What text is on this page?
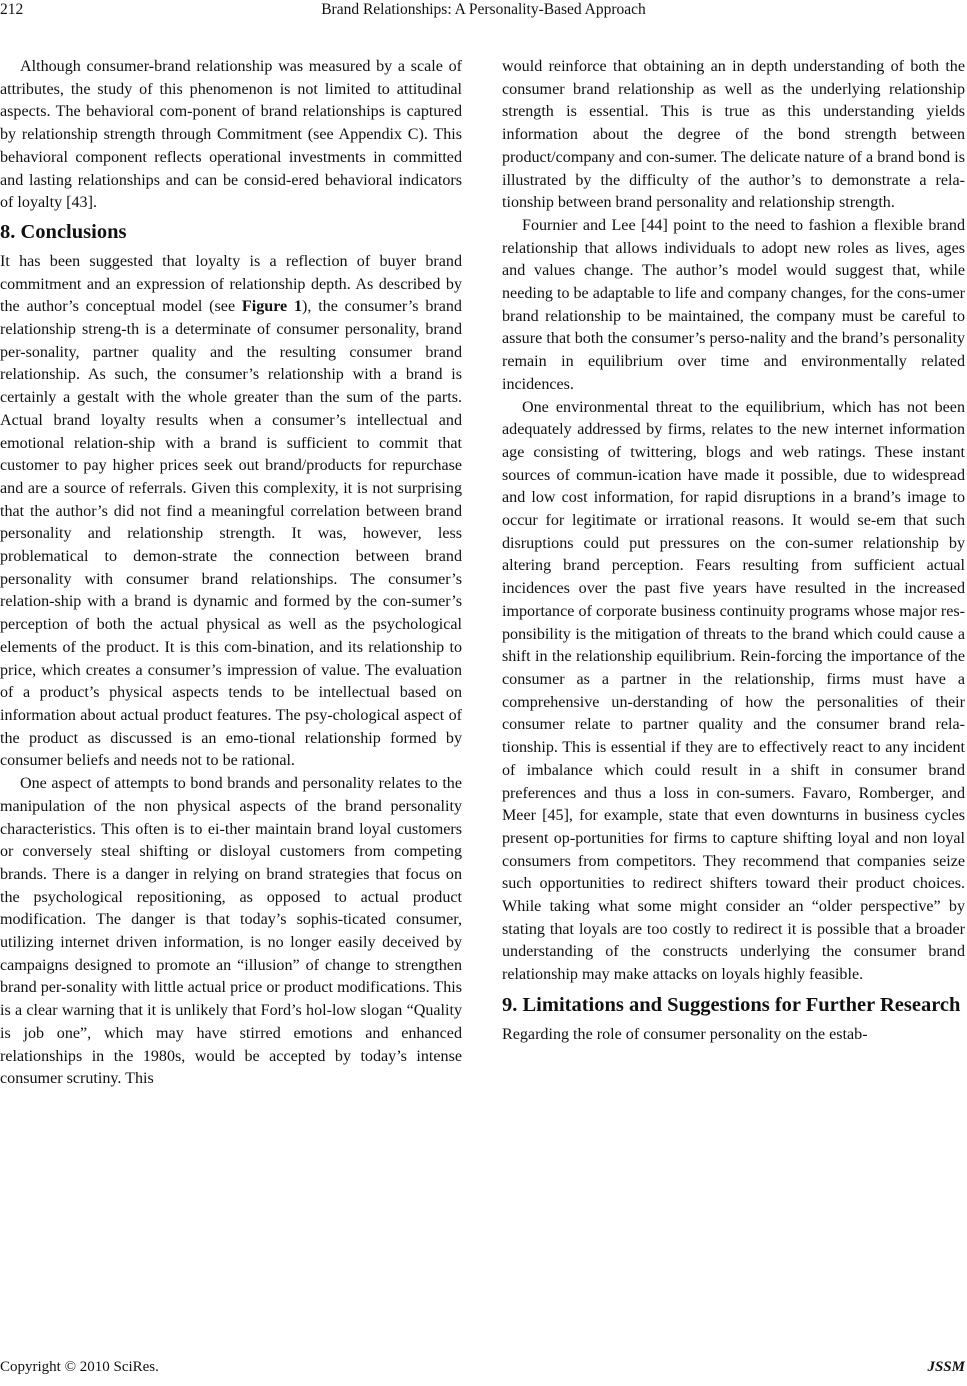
212	Brand Relationships: A Personality-Based Approach

Although consumer-brand relationship was measured by a scale of attributes, the study of this phenomenon is not limited to attitudinal aspects. The behavioral com-ponent of brand relationships is captured by relationship strength through Commitment (see Appendix C). This behavioral component reflects operational investments in committed and lasting relationships and can be consid-ered behavioral indicators of loyalty [43].

8. Conclusions

It has been suggested that loyalty is a reflection of buyer brand commitment and an expression of relationship depth. As described by the author’s conceptual model (see Figure 1), the consumer’s brand relationship streng-th is a determinate of consumer personality, brand per-sonality, partner quality and the resulting consumer brand relationship. As such, the consumer’s relationship with a brand is certainly a gestalt with the whole greater than the sum of the parts. Actual brand loyalty results when a consumer’s intellectual and emotional relation-ship with a brand is sufficient to commit that customer to pay higher prices seek out brand/products for repurchase and are a source of referrals. Given this complexity, it is not surprising that the author’s did not find a meaningful correlation between brand personality and relationship strength. It was, however, less problematical to demon-strate the connection between brand personality with consumer brand relationships. The consumer’s relation-ship with a brand is dynamic and formed by the con-sumer’s perception of both the actual physical as well as the psychological elements of the product. It is this com-bination, and its relationship to price, which creates a consumer’s impression of value. The evaluation of a product’s physical aspects tends to be intellectual based on information about actual product features. The psy-chological aspect of the product as discussed is an emo-tional relationship formed by consumer beliefs and needs not to be rational.

One aspect of attempts to bond brands and personality relates to the manipulation of the non physical aspects of the brand personality characteristics. This often is to ei-ther maintain brand loyal customers or conversely steal shifting or disloyal customers from competing brands. There is a danger in relying on brand strategies that focus on the psychological repositioning, as opposed to actual product modification. The danger is that today’s sophis-ticated consumer, utilizing internet driven information, is no longer easily deceived by campaigns designed to promote an “illusion” of change to strengthen brand per-sonality with little actual price or product modifications. This is a clear warning that it is unlikely that Ford’s hol-low slogan “Quality is job one”, which may have stirred emotions and enhanced relationships in the 1980s, would be accepted by today’s intense consumer scrutiny. This

would reinforce that obtaining an in depth understanding of both the consumer brand relationship as well as the underlying relationship strength is essential. This is true as this understanding yields information about the degree of the bond strength between product/company and con-sumer. The delicate nature of a brand bond is illustrated by the difficulty of the author’s to demonstrate a rela-tionship between brand personality and relationship strength.

Fournier and Lee [44] point to the need to fashion a flexible brand relationship that allows individuals to adopt new roles as lives, ages and values change. The author’s model would suggest that, while needing to be adaptable to life and company changes, for the cons-umer brand relationship to be maintained, the company must be careful to assure that both the consumer’s perso-nality and the brand’s personality remain in equilibrium over time and environmentally related incidences.

One environmental threat to the equilibrium, which has not been adequately addressed by firms, relates to the new internet information age consisting of twittering, blogs and web ratings. These instant sources of commun-ication have made it possible, due to widespread and low cost information, for rapid disruptions in a brand’s image to occur for legitimate or irrational reasons. It would se-em that such disruptions could put pressures on the con-sumer relationship by altering brand perception. Fears resulting from sufficient actual incidences over the past five years have resulted in the increased importance of corporate business continuity programs whose major res-ponsibility is the mitigation of threats to the brand which could cause a shift in the relationship equilibrium. Rein-forcing the importance of the consumer as a partner in the relationship, firms must have a comprehensive un-derstanding of how the personalities of their consumer relate to partner quality and the consumer brand rela-tionship. This is essential if they are to effectively react to any incident of imbalance which could result in a shift in consumer brand preferences and thus a loss in con-sumers. Favaro, Romberger, and Meer [45], for example, state that even downturns in business cycles present op-portunities for firms to capture shifting loyal and non loyal consumers from competitors. They recommend that companies seize such opportunities to redirect shifters toward their product choices. While taking what some might consider an “older perspective” by stating that loyals are too costly to redirect it is possible that a broader understanding of the constructs underlying the consumer brand relationship may make attacks on loyals highly feasible.

9. Limitations and Suggestions for Further Research

Regarding the role of consumer personality on the estab-

Copyright © 2010 SciRes.	JSSM
